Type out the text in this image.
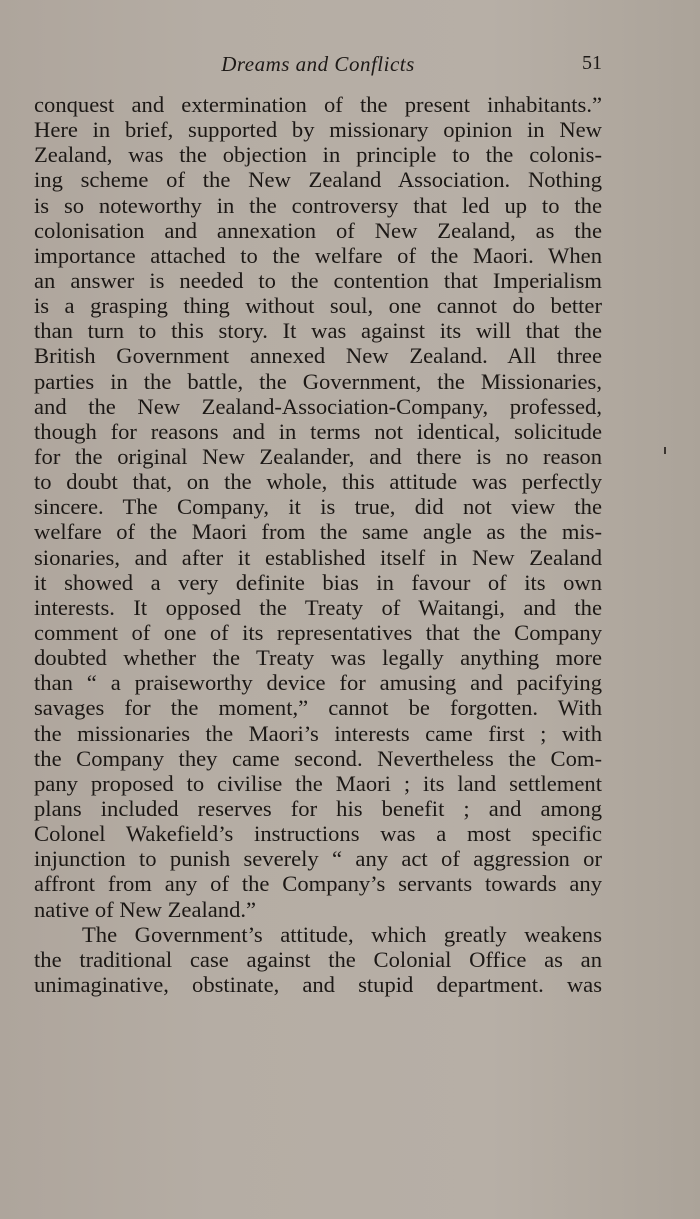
Dreams and Conflicts	51
conquest and extermination of the present inhabitants.”
Here in brief, supported by missionary opinion in New
Zealand, was the objection in principle to the colonis-
ing scheme of the New Zealand Association. Nothing
is so noteworthy in the controversy that led up to the
colonisation and annexation of New Zealand, as the
importance attached to the welfare of the Maori. When
an answer is needed to the contention that Imperialism
is a grasping thing without soul, one cannot do better
than turn to this story. It was against its will that the
British Government annexed New Zealand. All three
parties in the battle, the Government, the Missionaries,
and the New Zealand-Association-Company, professed,
though for reasons and in terms not identical, solicitude
for the original New Zealander, and there is no reason
to doubt that, on the whole, this attitude was perfectly
sincere. The Company, it is true, did not view the
welfare of the Maori from the same angle as the mis-
sionaries, and after it established itself in New Zealand
it showed a very definite bias in favour of its own
interests. It opposed the Treaty of Waitangi, and the
comment of one of its representatives that the Company
doubted whether the Treaty was legally anything more
than “ a praiseworthy device for amusing and pacifying
savages for the moment,” cannot be forgotten. With
the missionaries the Maori’s interests came first ; with
the Company they came second. Nevertheless the Com-
pany proposed to civilise the Maori ; its land settlement
plans included reserves for his benefit ; and among
Colonel Wakefield’s instructions was a most specific
injunction to punish severely “ any act of aggression or
affront from any of the Company’s servants towards any
native of New Zealand.”
The Government’s attitude, which greatly weakens
the traditional case against the Colonial Office as an
unimaginative, obstinate, and stupid department. was
